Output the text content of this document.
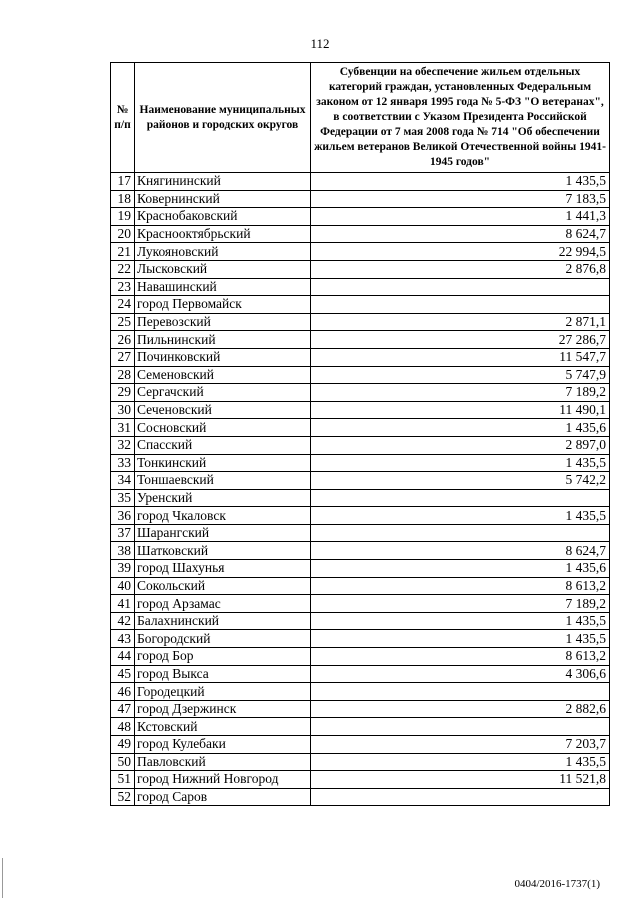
112
№ п/п	Наименование муниципальных районов и городских округов	Субвенции на обеспечение жильем отдельных категорий граждан, установленных Федеральным законом от 12 января 1995 года № 5-ФЗ "О ветеранах", в соответствии с Указом Президента Российской Федерации от 7 мая 2008 года № 714 "Об обеспечении жильем ветеранов Великой Отечественной войны 1941-1945 годов"
17	Княгининский	1 435,5
18	Ковернинский	7 183,5
19	Краснобаковский	1 441,3
20	Краснооктябрьский	8 624,7
21	Лукояновский	22 994,5
22	Лысковский	2 876,8
23	Навашинский	
24	город Первомайск	
25	Перевозский	2 871,1
26	Пильнинский	27 286,7
27	Починковский	11 547,7
28	Семеновский	5 747,9
29	Сергачский	7 189,2
30	Сеченовский	11 490,1
31	Сосновский	1 435,6
32	Спасский	2 897,0
33	Тонкинский	1 435,5
34	Тоншаевский	5 742,2
35	Уренский	
36	город Чкаловск	1 435,5
37	Шарангский	
38	Шатковский	8 624,7
39	город Шахунья	1 435,6
40	Сокольский	8 613,2
41	город Арзамас	7 189,2
42	Балахнинский	1 435,5
43	Богородский	1 435,5
44	город Бор	8 613,2
45	город Выкса	4 306,6
46	Городецкий	
47	город Дзержинск	2 882,6
48	Кстовский	
49	город Кулебаки	7 203,7
50	Павловский	1 435,5
51	город Нижний Новгород	11 521,8
52	город Саров	
0404/2016-1737(1)
